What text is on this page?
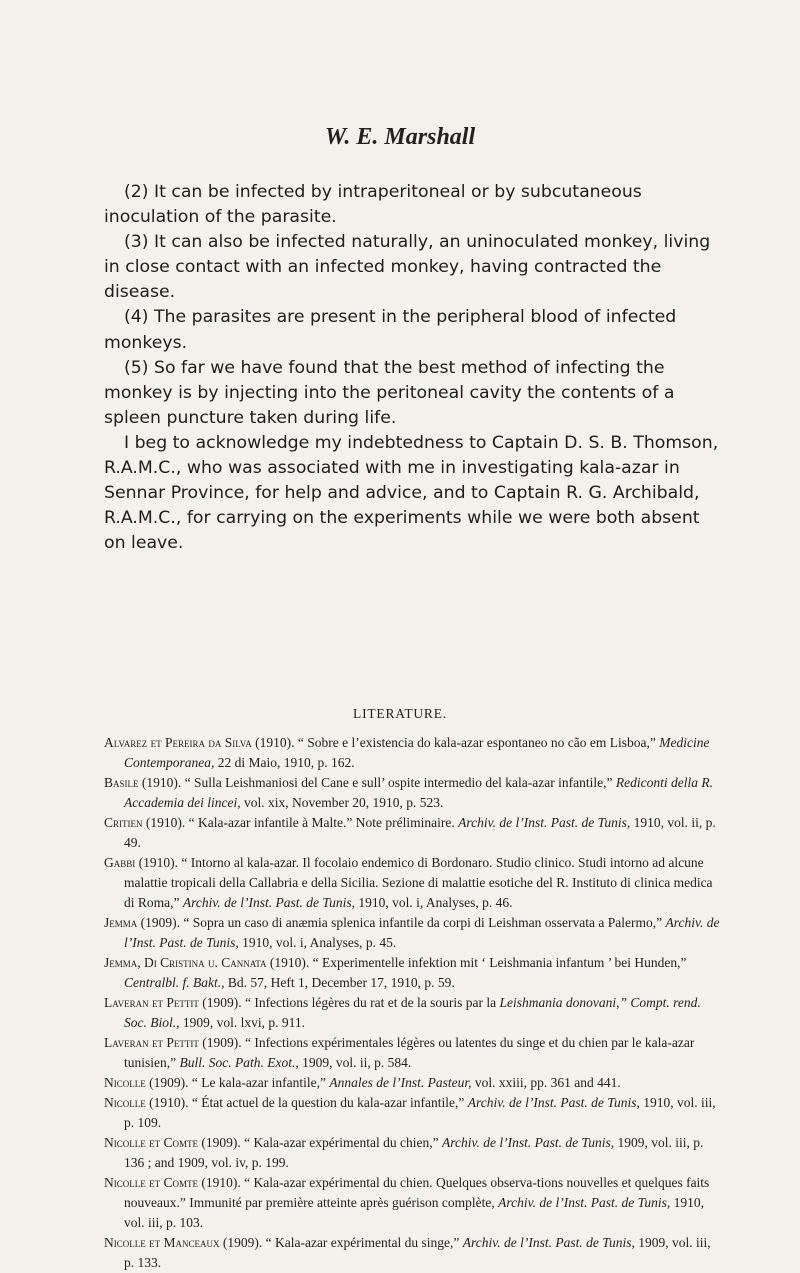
W. E. Marshall

(2) It can be infected by intraperitoneal or by subcutaneous inoculation of the parasite.

(3) It can also be infected naturally, an uninoculated monkey, living in close contact with an infected monkey, having contracted the disease.

(4) The parasites are present in the peripheral blood of infected monkeys.

(5) So far we have found that the best method of infecting the monkey is by injecting into the peritoneal cavity the contents of a spleen puncture taken during life.

I beg to acknowledge my indebtedness to Captain D. S. B. Thomson, R.A.M.C., who was associated with me in investigating kala-azar in Sennar Province, for help and advice, and to Captain R. G. Archibald, R.A.M.C., for carrying on the experiments while we were both absent on leave.

LITERATURE.

Alvarez et Pereira da Silva (1910). “ Sobre e l’existencia do kala-azar espontaneo no cão em Lisboa,” Medicine Contemporanea, 22 di Maio, 1910, p. 162.

Basile (1910). “ Sulla Leishmaniosi del Cane e sull’ ospite intermedio del kala-azar infantile,” Rediconti della R. Accademia dei lincei, vol. xix, November 20, 1910, p. 523.

Critien (1910). “ Kala-azar infantile à Malte.” Note préliminaire. Archiv. de l’Inst. Past. de Tunis, 1910, vol. ii, p. 49.

Gabbi (1910). “ Intorno al kala-azar. Il focolaio endemico di Bordonaro. Studio clinico. Studi intorno ad alcune malattie tropicali della Callabria e della Sicilia. Sezione di malattie esotiche del R. Instituto di clinica medica di Roma,” Archiv. de l’Inst. Past. de Tunis, 1910, vol. i, Analyses, p. 46.

Jemma (1909). “ Sopra un caso di anæmia splenica infantile da corpi di Leishman osservata a Palermo,” Archiv. de l’Inst. Past. de Tunis, 1910, vol. i, Analyses, p. 45.

Jemma, Di Cristina u. Cannata (1910). “ Experimentelle infektion mit ‘ Leishmania infantum ’ bei Hunden,” Centralbl. f. Bakt., Bd. 57, Heft 1, December 17, 1910, p. 59.

Laveran et Pettit (1909). “ Infections légères du rat et de la souris par la Leishmania donovani,” Compt. rend. Soc. Biol., 1909, vol. lxvi, p. 911.

Laveran et Pettit (1909). “ Infections expérimentales légères ou latentes du singe et du chien par le kala-azar tunisien,” Bull. Soc. Path. Exot., 1909, vol. ii, p. 584.

Nicolle (1909). “ Le kala-azar infantile,” Annales de l’Inst. Pasteur, vol. xxiii, pp. 361 and 441.

Nicolle (1910). “ État actuel de la question du kala-azar infantile,” Archiv. de l’Inst. Past. de Tunis, 1910, vol. iii, p. 109.

Nicolle et Comte (1909). “ Kala-azar expérimental du chien,” Archiv. de l’Inst. Past. de Tunis, 1909, vol. iii, p. 136 ; and 1909, vol. iv, p. 199.

Nicolle et Comte (1910). “ Kala-azar expérimental du chien. Quelques observa-tions nouvelles et quelques faits nouveaux.” Immunité par première atteinte après guérison complète, Archiv. de l’Inst. Past. de Tunis, 1910, vol. iii, p. 103.

Nicolle et Manceaux (1909). “ Kala-azar expérimental du singe,” Archiv. de l’Inst. Past. de Tunis, 1909, vol. iii, p. 133.
